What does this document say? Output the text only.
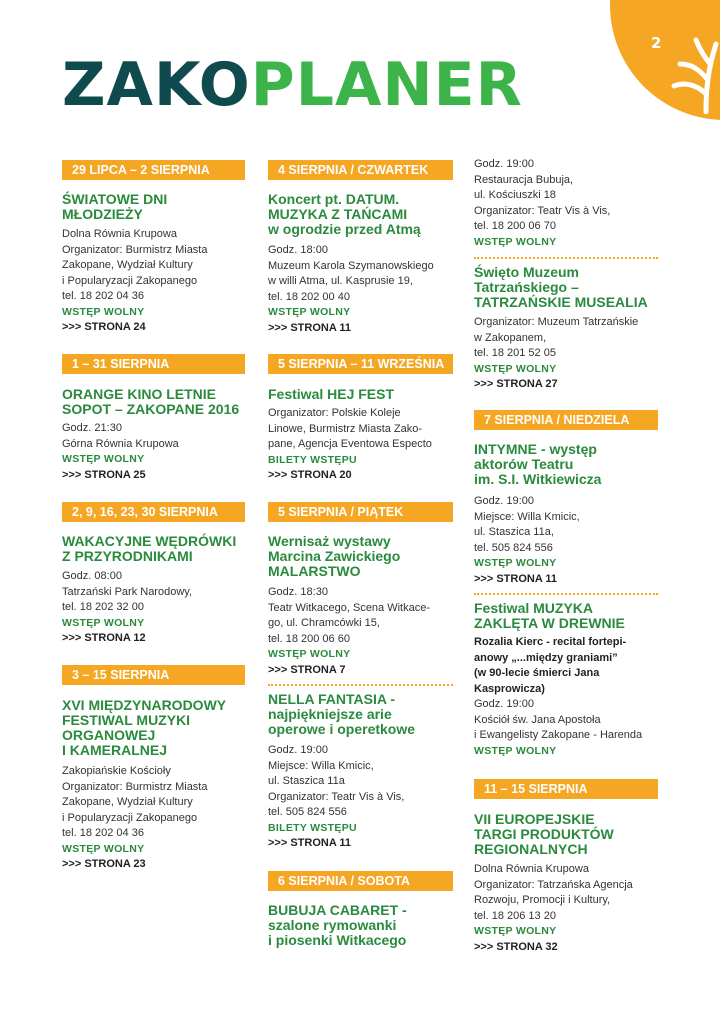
2
ZAKOPLANER
29 LIPCA – 2 SIERPNIA
ŚWIATOWE DNI
MŁODZIEŻY
Dolna Równia Krupowa
Organizator: Burmistrz Miasta
Zakopane, Wydział Kultury
i Popularyzacji Zakopanego
tel. 18 202 04 36
WSTĘP WOLNY
>>> STRONA 24
1 – 31 SIERPNIA
ORANGE KINO LETNIE
SOPOT – ZAKOPANE 2016
Godz. 21:30
Górna Równia Krupowa
WSTĘP WOLNY
>>> STRONA 25
2, 9, 16, 23, 30 SIERPNIA
WAKACYJNE WĘDRÓWKI
Z PRZYRODNIKAMI
Godz. 08:00
Tatrzański Park Narodowy,
tel. 18 202 32 00
WSTĘP WOLNY
>>> STRONA 12
3 – 15 SIERPNIA
XVI MIĘDZYNARODOWY
FESTIWAL MUZYKI
ORGANOWEJ
I KAMERALNEJ
Zakopiańskie Kościoły
Organizator: Burmistrz Miasta
Zakopane, Wydział Kultury
i Popularyzacji Zakopanego
tel. 18 202 04 36
WSTĘP WOLNY
>>> STRONA 23
4 SIERPNIA / CZWARTEK
Koncert pt. DATUM.
MUZYKA Z TAŃCAMI
w ogrodzie przed Atmą
Godz. 18:00
Muzeum Karola Szymanowskiego
w willi Atma, ul. Kasprusie 19,
tel. 18 202 00 40
WSTĘP WOLNY
>>> STRONA 11
5 SIERPNIA – 11 WRZEŚNIA
Festiwal HEJ FEST
Organizator: Polskie Koleje
Linowe, Burmistrz Miasta Zako-
pane, Agencja Eventowa Especto
BILETY WSTĘPU
>>> STRONA 20
5 SIERPNIA / PIĄTEK
Wernisaż wystawy
Marcina Zawickiego
MALARSTWO
Godz. 18:30
Teatr Witkacego, Scena Witkace-
go, ul. Chramcówki 15,
tel. 18 200 06 60
WSTĘP WOLNY
>>> STRONA 7
NELLA FANTASIA -
najpiękniejsze arie
operowe i operetkowe
Godz. 19:00
Miejsce: Willa Kmicic,
ul. Staszica 11a
Organizator: Teatr Vis à Vis,
tel. 505 824 556
BILETY WSTĘPU
>>> STRONA 11
6 SIERPNIA / SOBOTA
BUBUJA CABARET -
szalone rymowanki
i piosenki Witkacego
Godz. 19:00
Restauracja Bubuja,
ul. Kościuszki 18
Organizator: Teatr Vis à Vis,
tel. 18 200 06 70
WSTĘP WOLNY
Święto Muzeum
Tatrzańskiego –
TATRZAŃSKIE MUSEALIA
Organizator: Muzeum Tatrzańskie
w Zakopanem,
tel. 18 201 52 05
WSTĘP WOLNY
>>> STRONA 27
7 SIERPNIA / NIEDZIELA
INTYMNE - występ
aktorów Teatru
im. S.I. Witkiewicza
Godz. 19:00
Miejsce: Willa Kmicic,
ul. Staszica 11a,
tel. 505 824 556
WSTĘP WOLNY
>>> STRONA 11
Festiwal MUZYKA
ZAKLĘTA W DREWNIE
Rozalia Kierc - recital fortepi-
anowy „...między graniami”
(w 90-lecie śmierci Jana
Kasprowicza)
Godz. 19:00
Kościół św. Jana Apostoła
i Ewangelisty Zakopane - Harenda
WSTĘP WOLNY
11 – 15 SIERPNIA
VII EUROPEJSKIE
TARGI PRODUKTÓW
REGIONALNYCH
Dolna Równia Krupowa
Organizator: Tatrzańska Agencja
Rozwoju, Promocji i Kultury,
tel. 18 206 13 20
WSTĘP WOLNY
>>> STRONA 32
